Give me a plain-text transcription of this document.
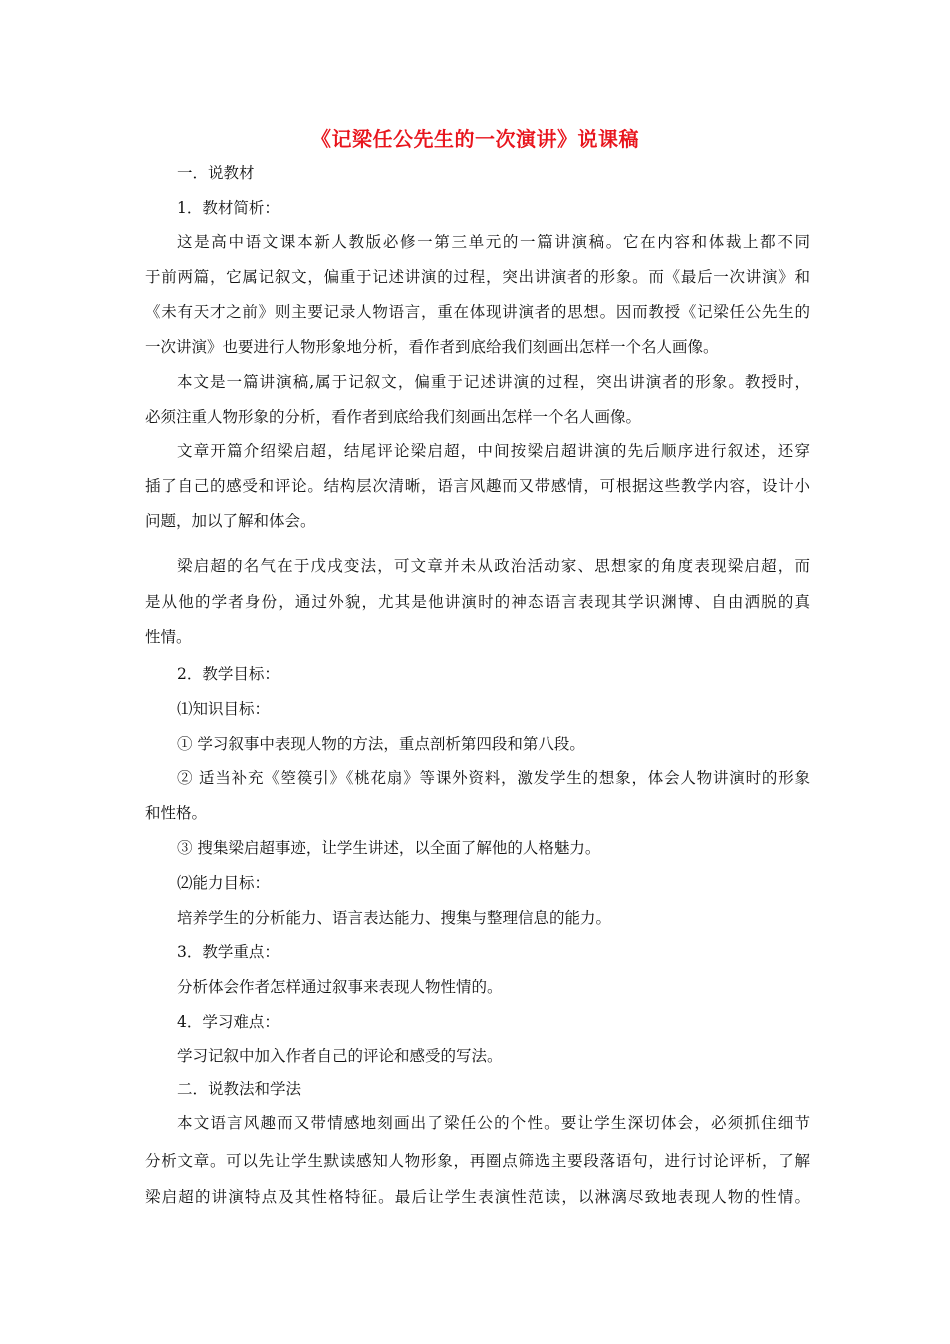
《记梁任公先生的一次演讲》说课稿
一．说教材
1．教材简析：
这是高中语文课本新人教版必修一第三单元的一篇讲演稿。它在内容和体裁上都不同
于前两篇，它属记叙文，偏重于记述讲演的过程，突出讲演者的形象。而《最后一次讲演》和
《未有天才之前》则主要记录人物语言，重在体现讲演者的思想。因而教授《记梁任公先生的
一次讲演》也要进行人物形象地分析，看作者到底给我们刻画出怎样一个名人画像。
本文是一篇讲演稿,属于记叙文，偏重于记述讲演的过程，突出讲演者的形象。教授时，
必须注重人物形象的分析，看作者到底给我们刻画出怎样一个名人画像。
文章开篇介绍梁启超，结尾评论梁启超，中间按梁启超讲演的先后顺序进行叙述，还穿
插了自己的感受和评论。结构层次清晰，语言风趣而又带感情，可根据这些教学内容，设计小
问题，加以了解和体会。
梁启超的名气在于戊戌变法，可文章并未从政治活动家、思想家的角度表现梁启超，而
是从他的学者身份，通过外貌，尤其是他讲演时的神态语言表现其学识渊博、自由洒脱的真
性情。
2．教学目标：
⑴知识目标：
① 学习叙事中表现人物的方法，重点剖析第四段和第八段。
② 适当补充《箜篌引》《桃花扇》等课外资料，激发学生的想象，体会人物讲演时的形象
和性格。
③ 搜集梁启超事迹，让学生讲述，以全面了解他的人格魅力。
⑵能力目标：
培养学生的分析能力、语言表达能力、搜集与整理信息的能力。
3．教学重点：
分析体会作者怎样通过叙事来表现人物性情的。
4．学习难点：
学习记叙中加入作者自己的评论和感受的写法。
二．说教法和学法
本文语言风趣而又带情感地刻画出了梁任公的个性。要让学生深切体会，必须抓住细节
分析文章。可以先让学生默读感知人物形象，再圈点筛选主要段落语句，进行讨论评析，了解
梁启超的讲演特点及其性格特征。最后让学生表演性范读，以淋漓尽致地表现人物的性情。
